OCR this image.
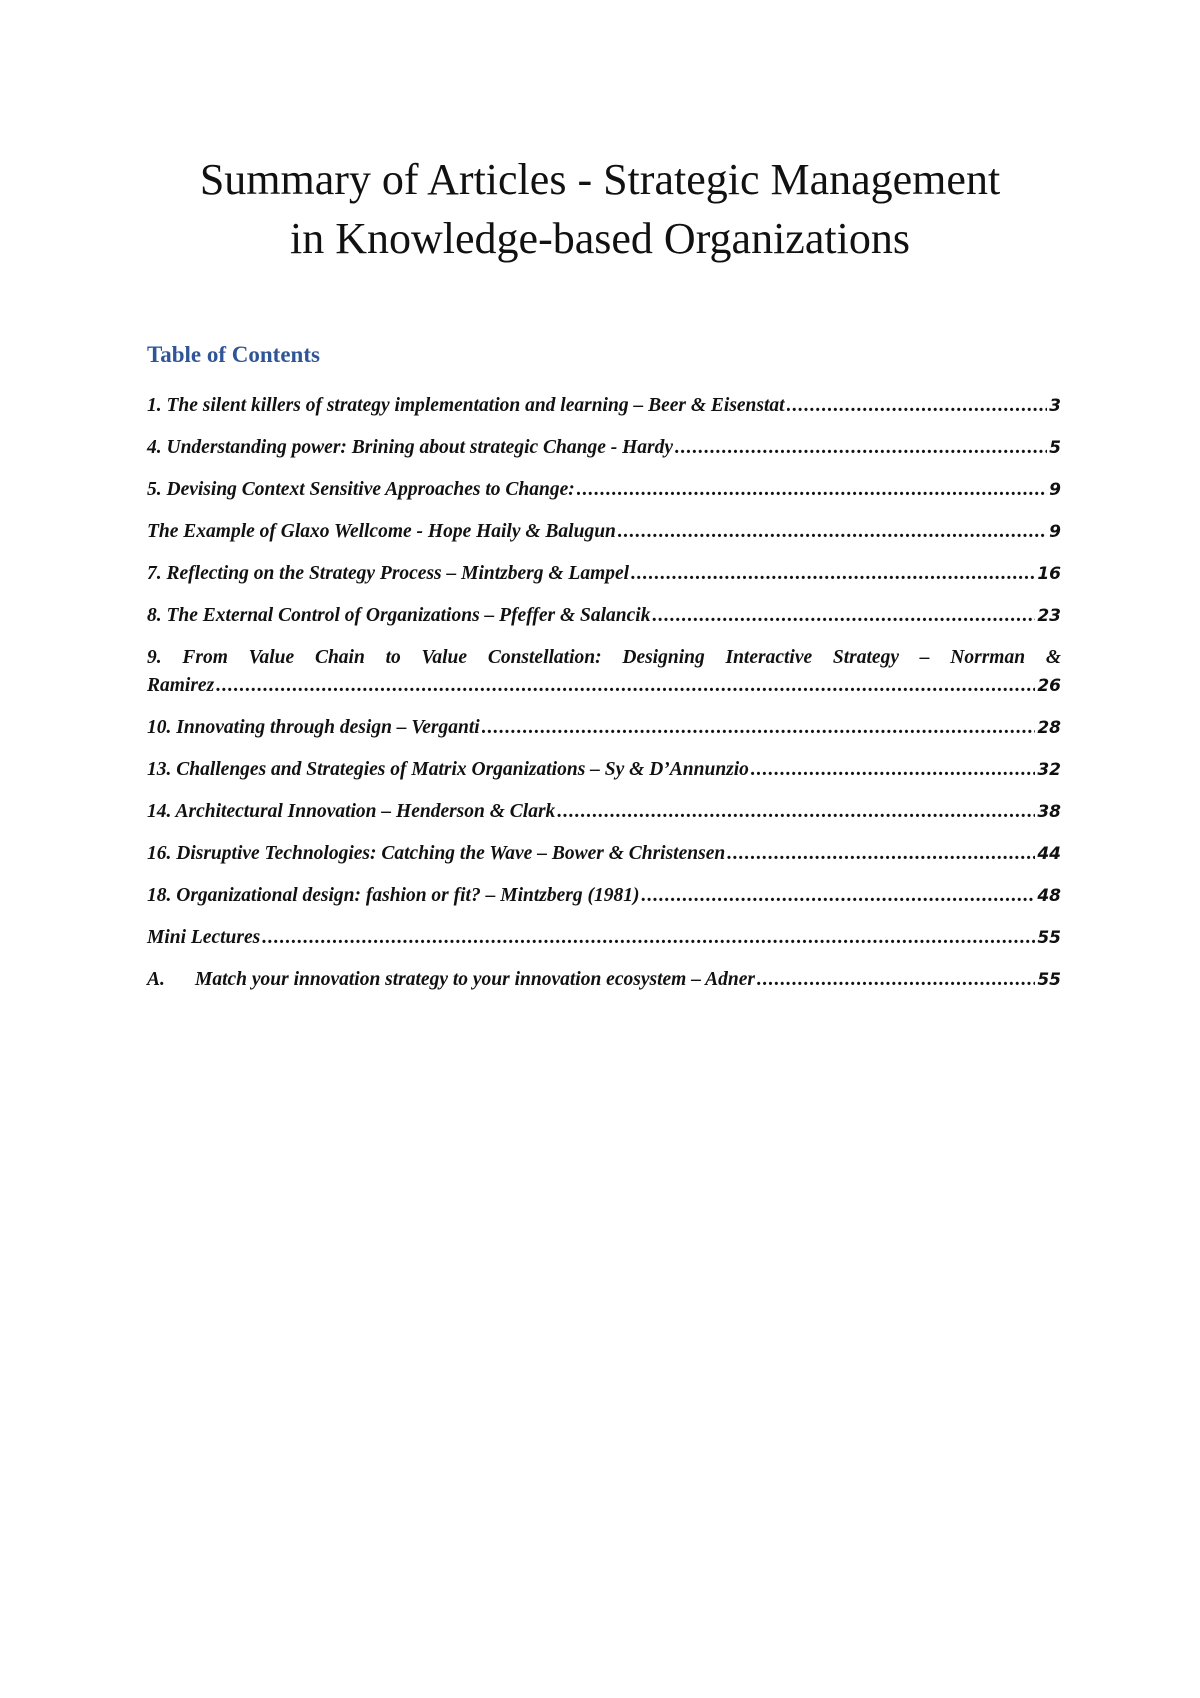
Summary of Articles - Strategic Management
in Knowledge-based Organizations
Table of Contents
1. The silent killers of strategy implementation and learning – Beer & Eisenstat .....	3
4. Understanding power: Brining about strategic Change - Hardy .....	5
5. Devising Context Sensitive Approaches to Change: .....	9
The Example of Glaxo Wellcome - Hope Haily & Balugun .....	9
7. Reflecting on the Strategy Process – Mintzberg & Lampel .....	16
8. The External Control of Organizations – Pfeffer & Salancik .....	23
9. From Value Chain to Value Constellation: Designing Interactive Strategy – Norrman &
Ramirez .....	26
10. Innovating through design – Verganti .....	28
13. Challenges and Strategies of Matrix Organizations – Sy & D’Annunzio .....	32
14. Architectural Innovation – Henderson & Clark .....	38
16. Disruptive Technologies: Catching the Wave – Bower & Christensen .....	44
18. Organizational design: fashion or fit? – Mintzberg (1981) .....	48
Mini Lectures .....	55
A.	Match your innovation strategy to your innovation ecosystem – Adner .....	55
